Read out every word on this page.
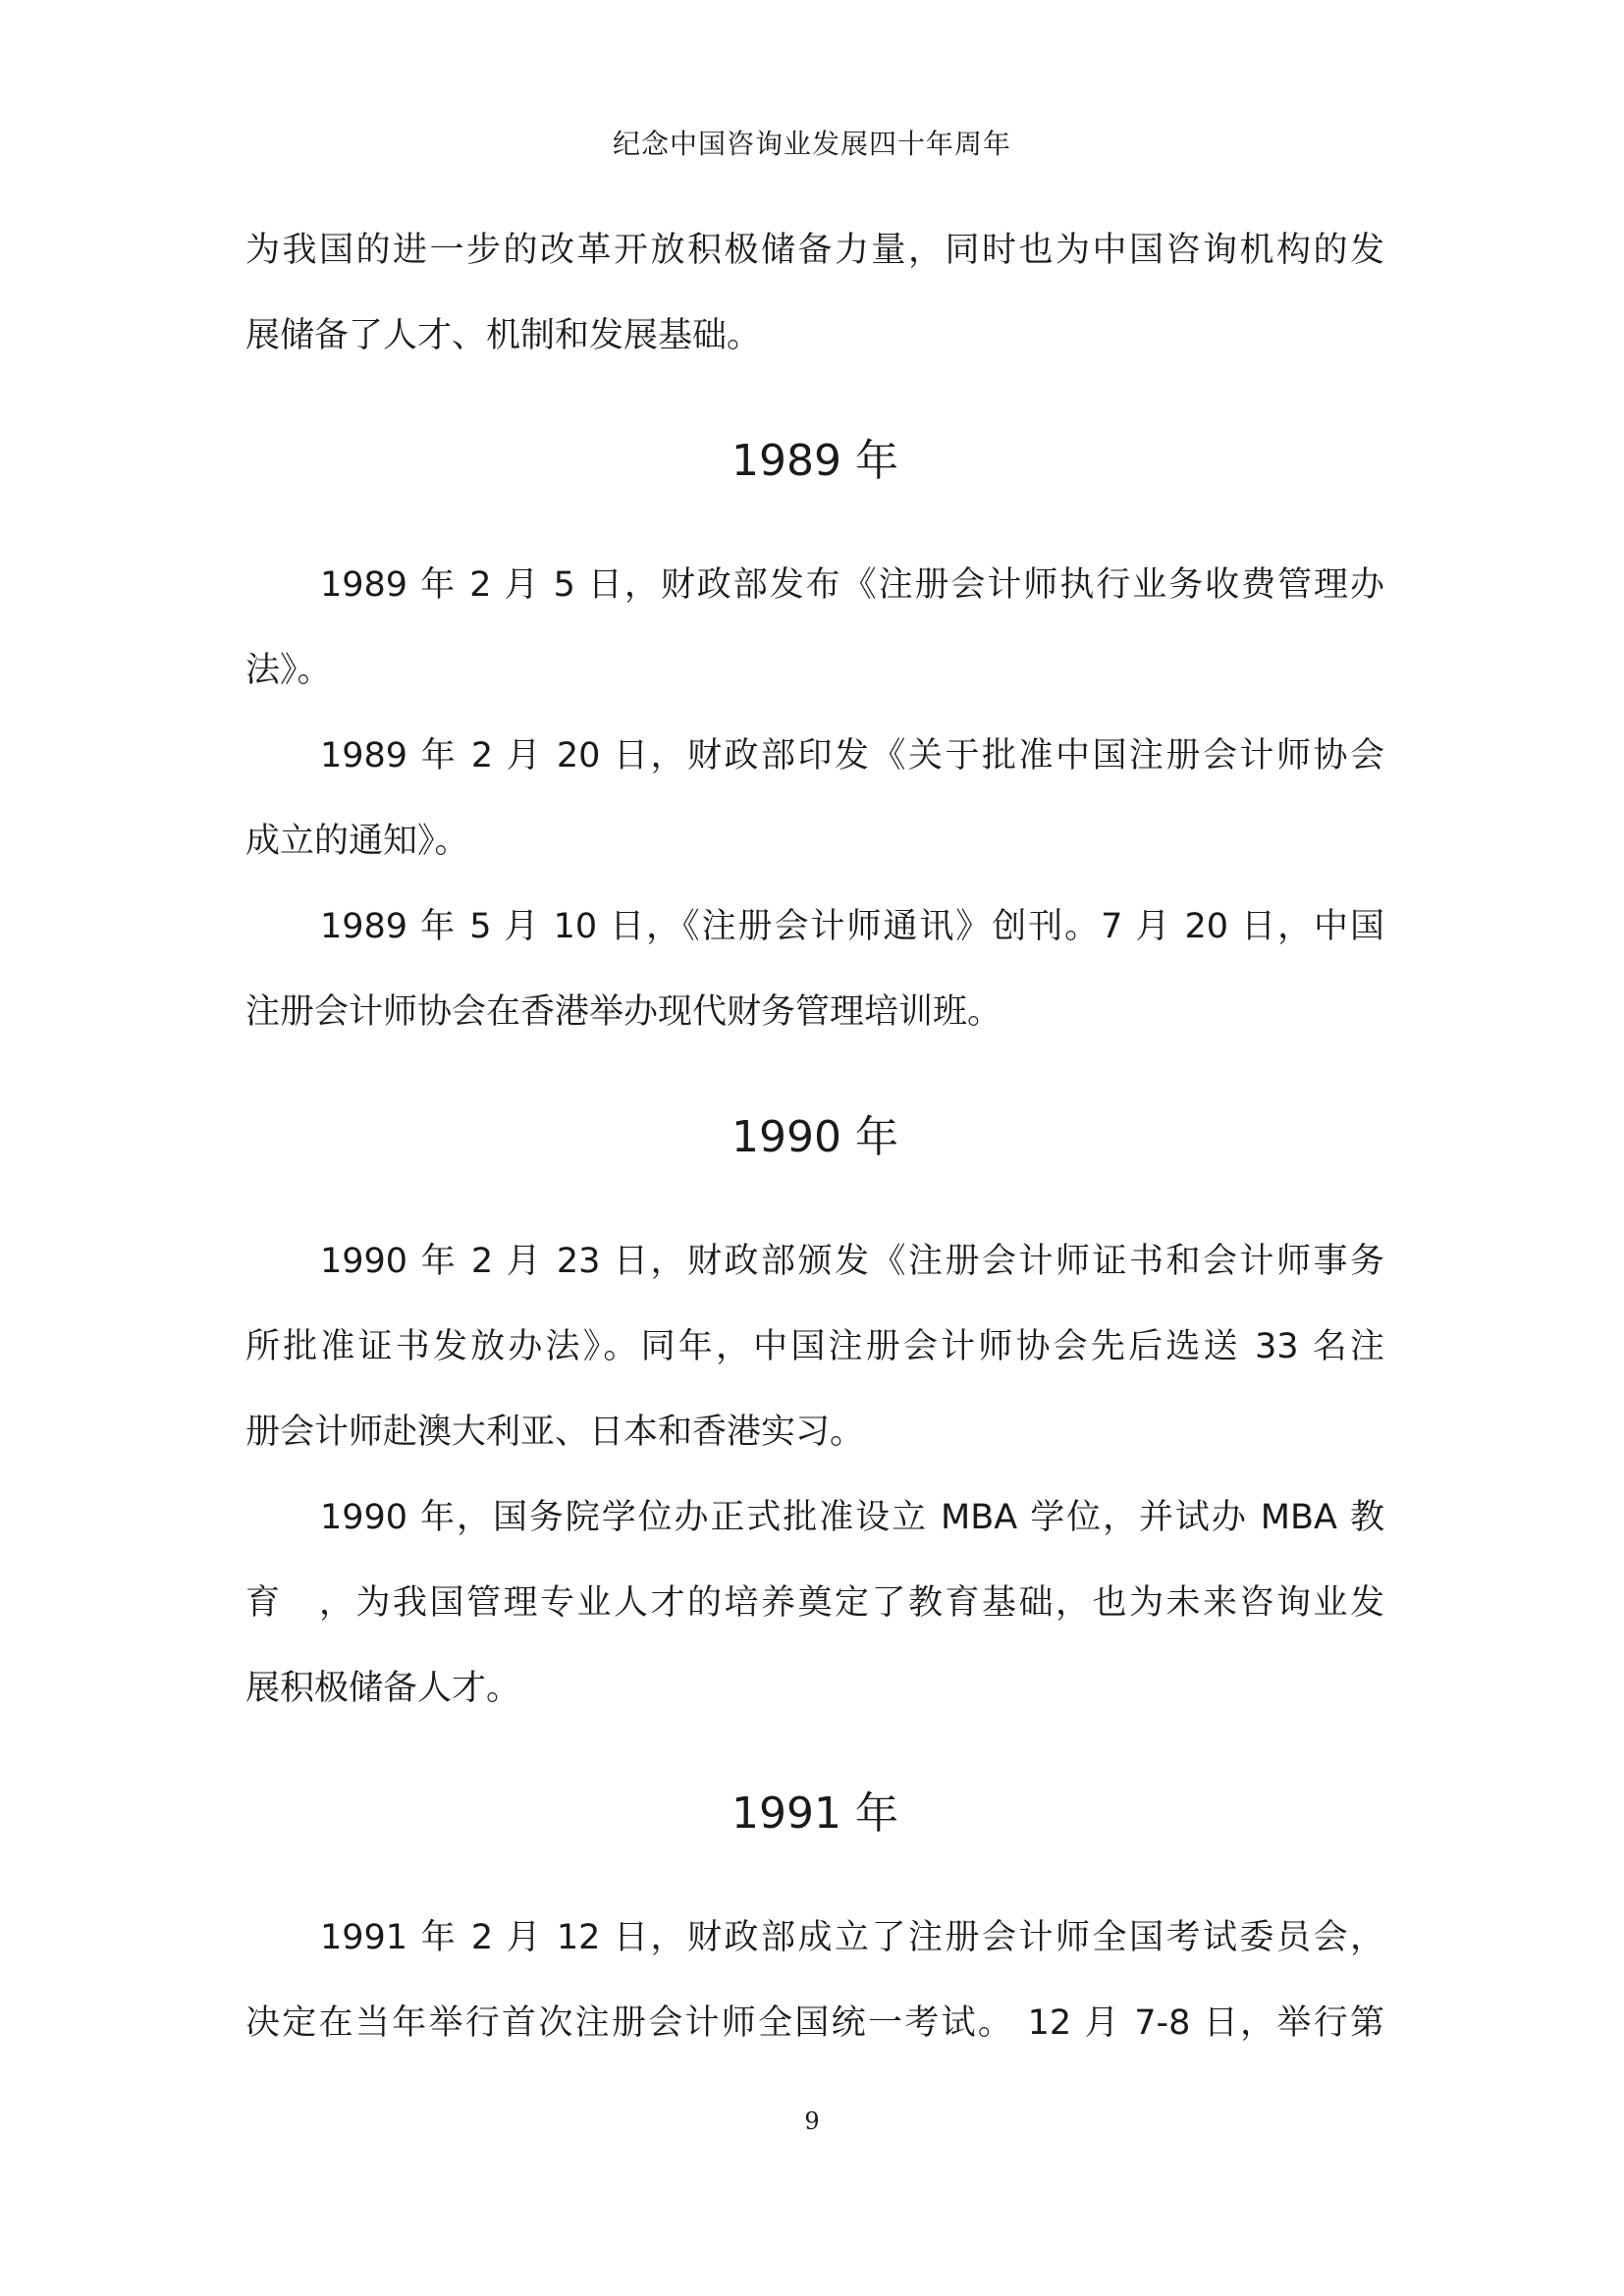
纪念中国咨询业发展四十年周年
为我国的进一步的改革开放积极储备力量，同时也为中国咨询机构的发
展储备了人才、机制和发展基础。
1989 年
1989 年 2 月 5 日，财政部发布《注册会计师执行业务收费管理办
法》。
1989 年 2 月 20 日，财政部印发《关于批准中国注册会计师协会
成立的通知》。
1989 年 5 月 10 日，《注册会计师通讯》创刊。7 月 20 日，中国
注册会计师协会在香港举办现代财务管理培训班。
1990 年
1990 年 2 月 23 日，财政部颁发《注册会计师证书和会计师事务
所批准证书发放办法》。同年，中国注册会计师协会先后选送 33 名注
册会计师赴澳大利亚、日本和香港实习。
1990 年，国务院学位办正式批准设立 MBA 学位，并试办 MBA 教
育　，为我国管理专业人才的培养奠定了教育基础，也为未来咨询业发
展积极储备人才。
1991 年
1991 年 2 月 12 日，财政部成立了注册会计师全国考试委员会，
决定在当年举行首次注册会计师全国统一考试。 12 月 7-8 日，举行第
9
